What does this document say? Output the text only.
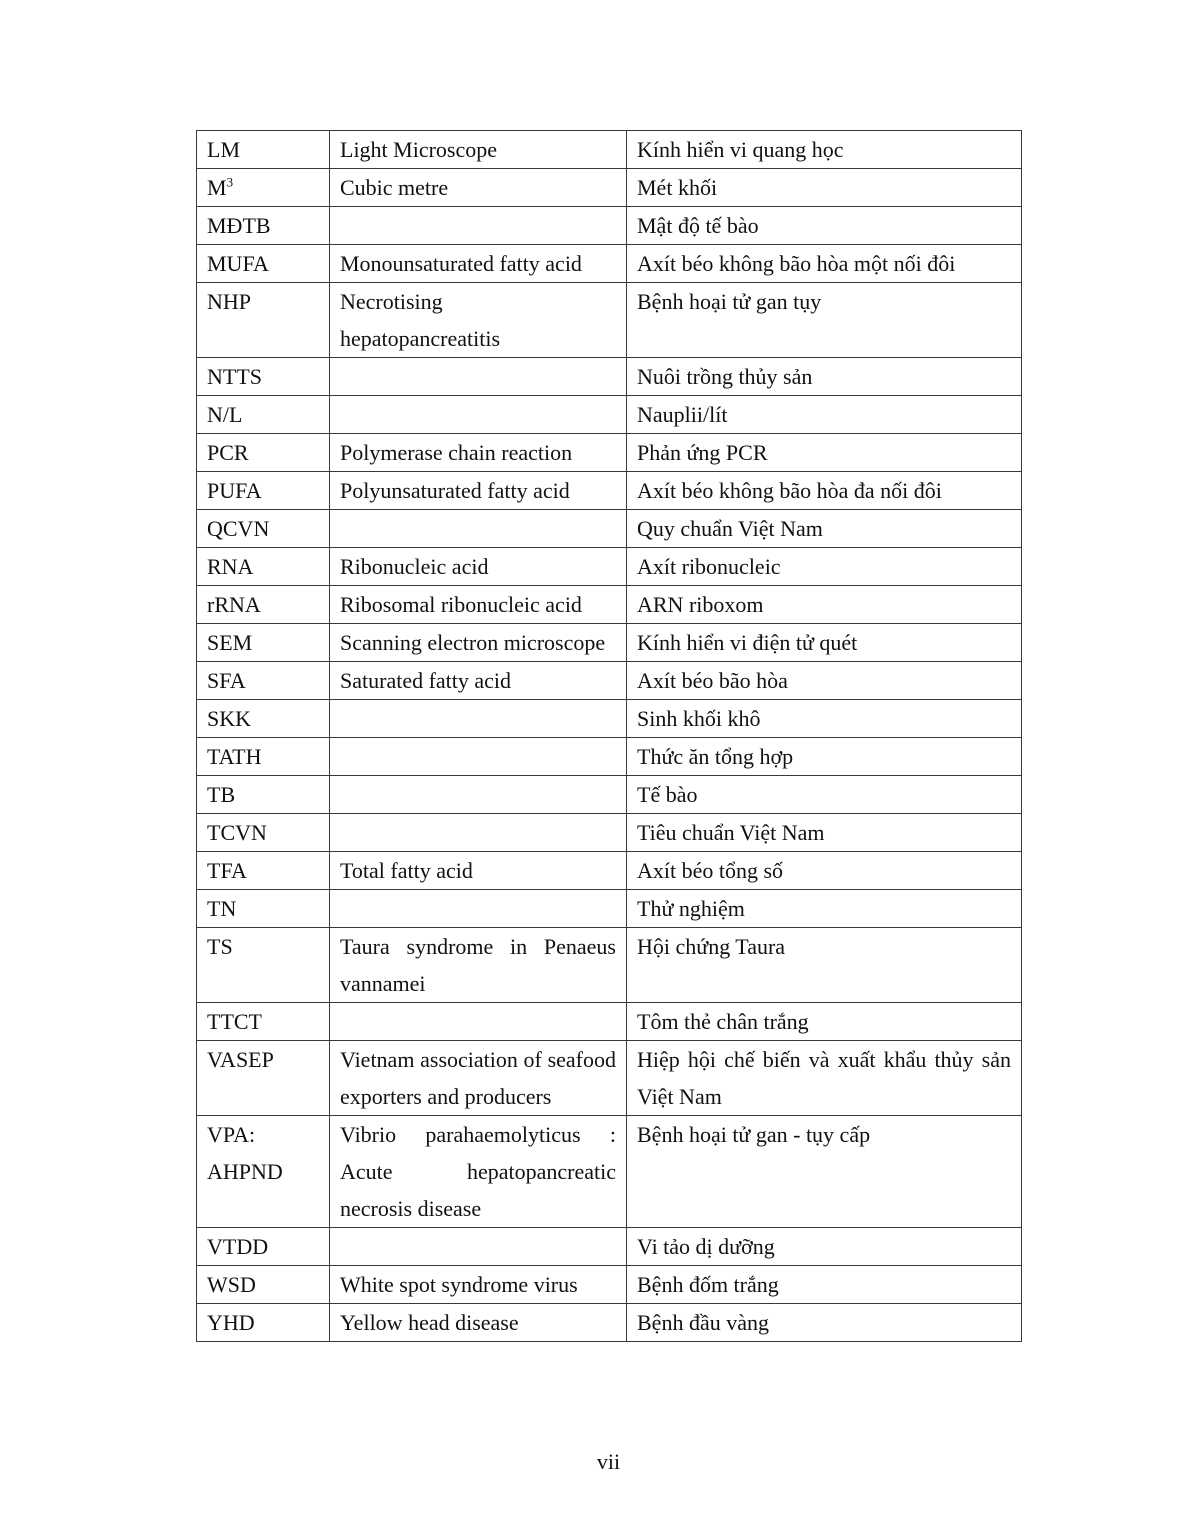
LM	Light Microscope	Kính hiển vi quang học
$M^3$	Cubic metre	Mét khối
MĐTB		Mật độ tế bào
MUFA	Monounsaturated fatty acid	Axít béo không bão hòa một nối đôi
NHP	Necrotising hepatopancreatitis	Bệnh hoại tử gan tụy
NTTS		Nuôi trồng thủy sản
N/L		Nauplii/lít
PCR	Polymerase chain reaction	Phản ứng PCR
PUFA	Polyunsaturated fatty acid	Axít béo không bão hòa đa nối đôi
QCVN		Quy chuẩn Việt Nam
RNA	Ribonucleic acid	Axít ribonucleic
rRNA	Ribosomal ribonucleic acid	ARN riboxom
SEM	Scanning electron microscope	Kính hiển vi điện tử quét
SFA	Saturated fatty acid	Axít béo bão hòa
SKK		Sinh khối khô
TATH		Thức ăn tổng hợp
TB		Tế bào
TCVN		Tiêu chuẩn Việt Nam
TFA	Total fatty acid	Axít béo tổng số
TN		Thử nghiệm
TS	Taura syndrome in Penaeus vannamei	Hội chứng Taura
TTCT		Tôm thẻ chân trắng
VASEP	Vietnam association of seafood exporters and producers	Hiệp hội chế biến và xuất khẩu thủy sản Việt Nam
VPA: AHPND	Vibrio parahaemolyticus : Acute hepatopancreatic necrosis disease	Bệnh hoại tử gan - tụy cấp
VTDD		Vi tảo dị dưỡng
WSD	White spot syndrome virus	Bệnh đốm trắng
YHD	Yellow head disease	Bệnh đầu vàng
vii
